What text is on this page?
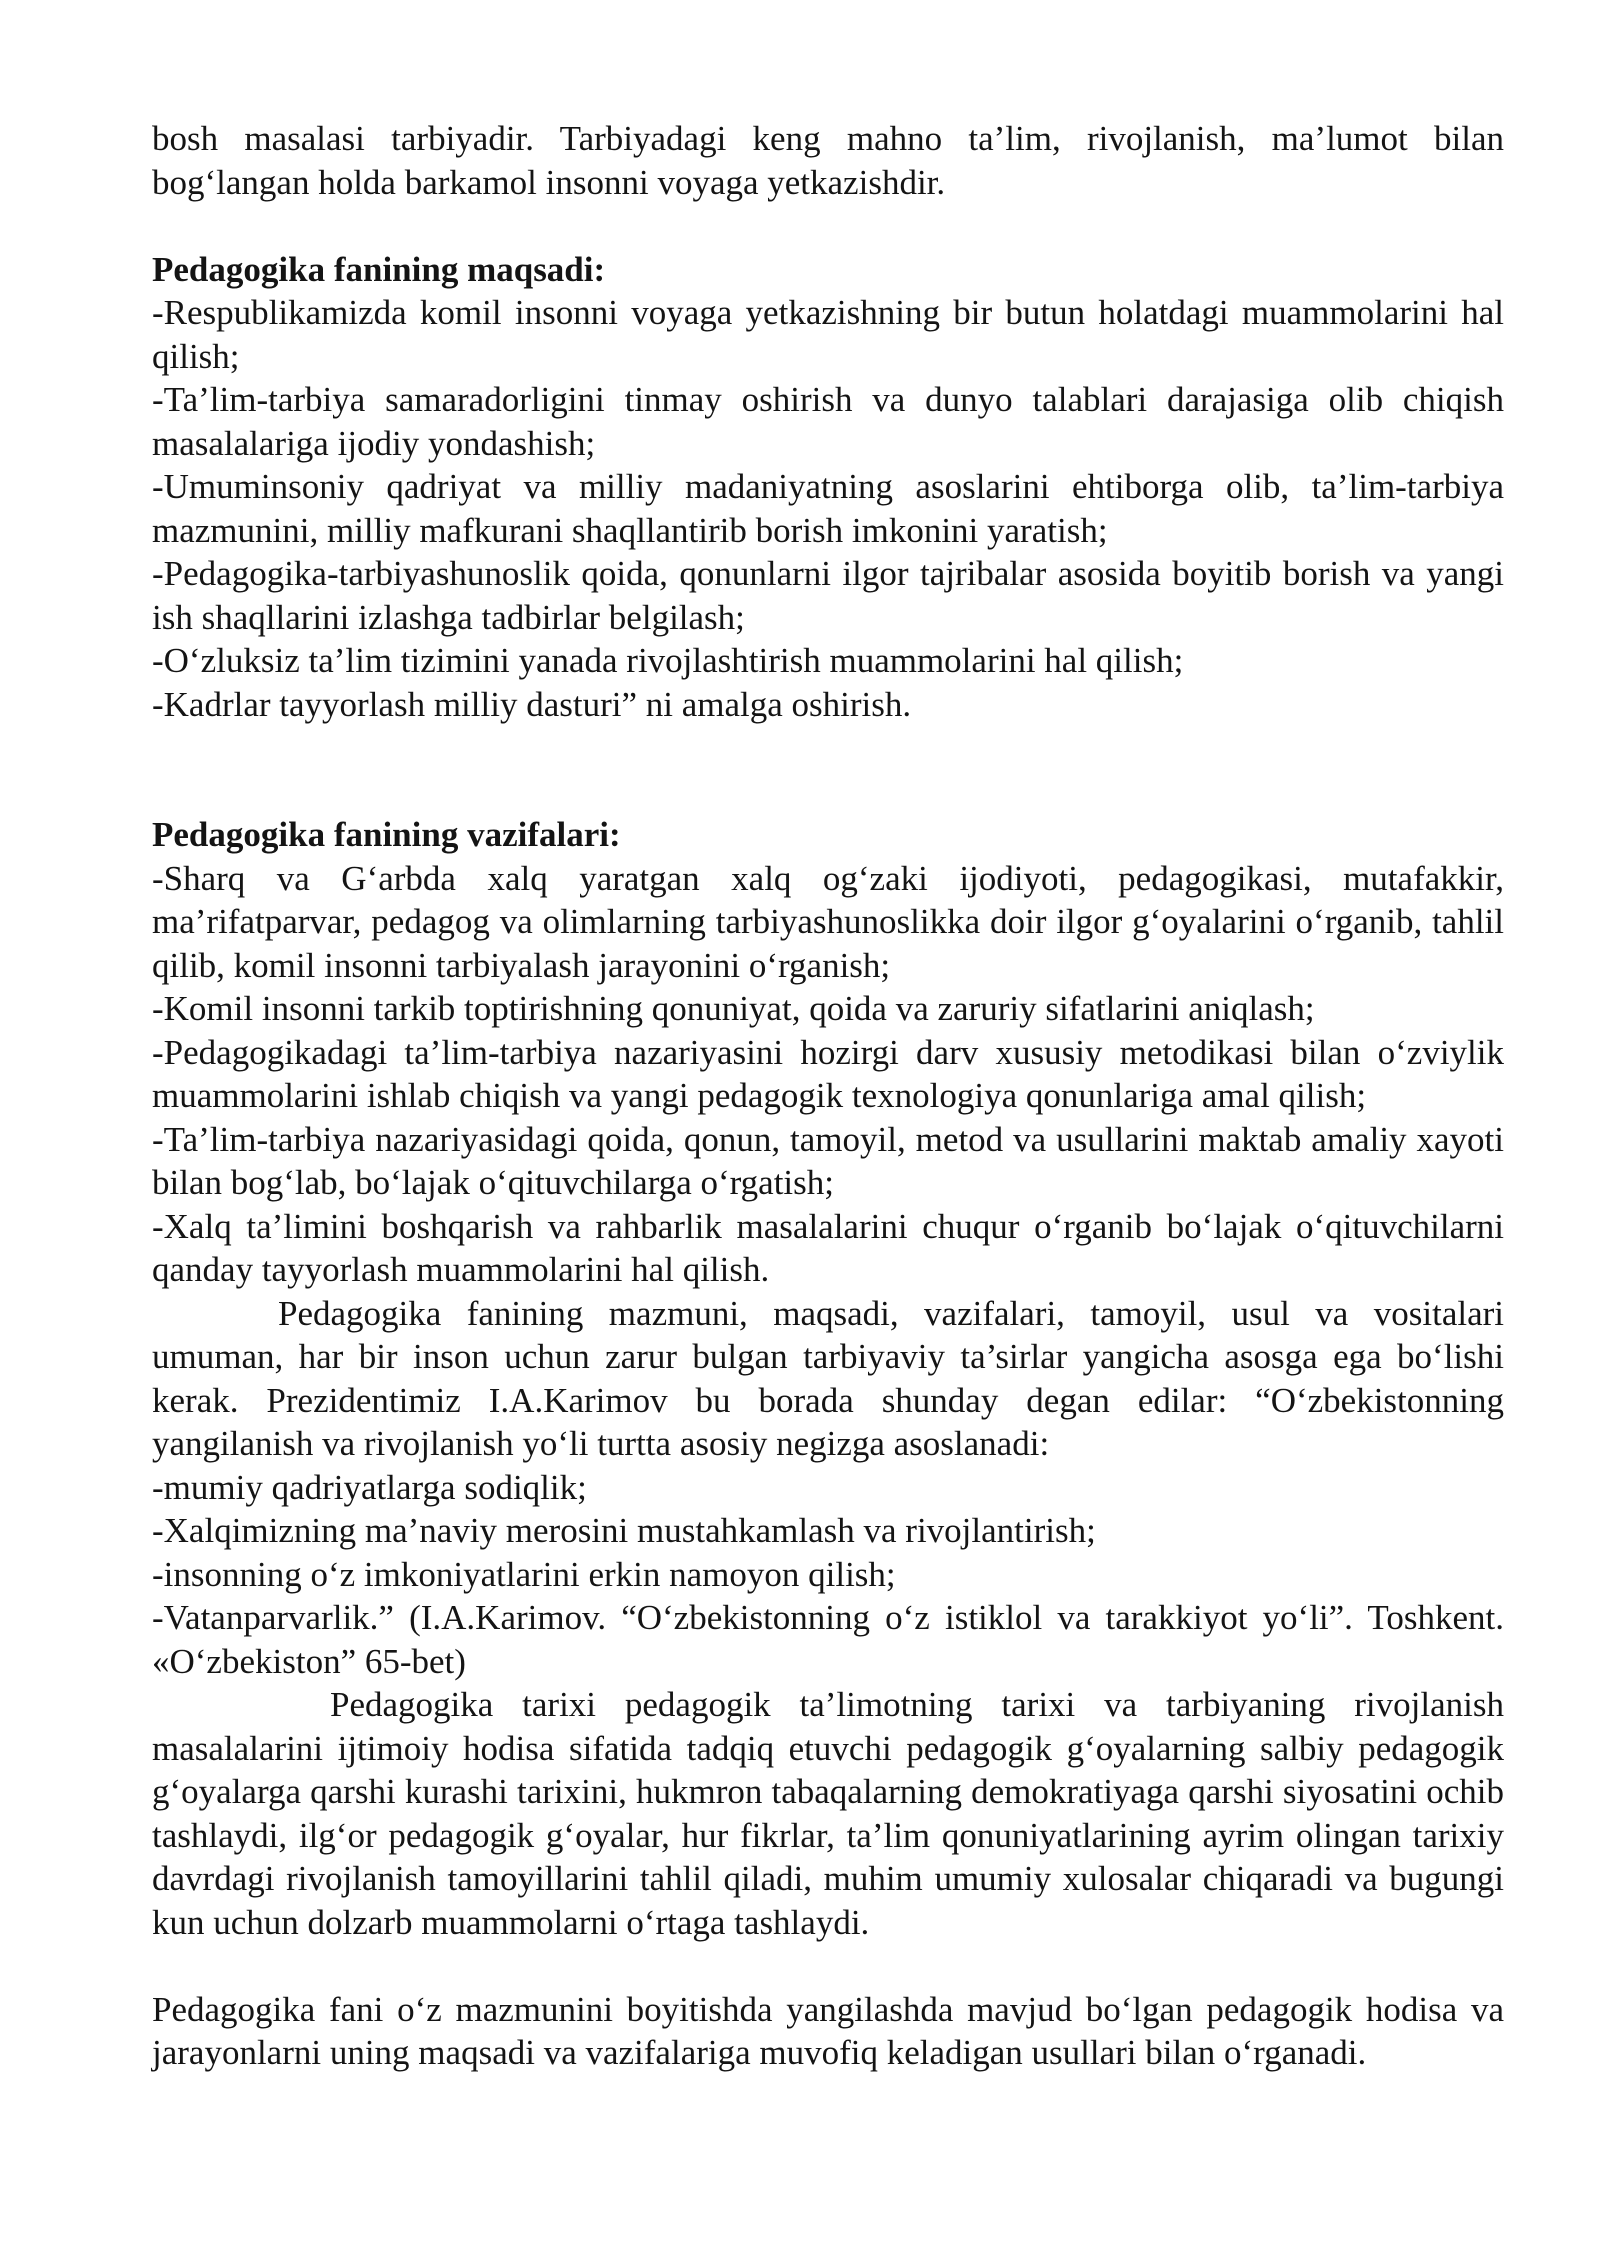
bosh masalasi tarbiyadir. Tarbiyadagi keng mahno ta’lim, rivojlanish, ma’lumot bilan bog‘langan holda barkamol insonni voyaga yetkazishdir.

Pedagogika fanining maqsadi:

-Respublikamizda komil insonni voyaga yetkazishning bir butun holatdagi muammolarini hal qilish;

-Ta’lim-tarbiya samaradorligini tinmay oshirish va dunyo talablari darajasiga olib chiqish masalalariga ijodiy yondashish;

-Umuminsoniy qadriyat va milliy madaniyatning asoslarini ehtiborga olib, ta’lim-tarbiya mazmunini, milliy mafkurani shaqllantirib borish imkonini yaratish;

-Pedagogika-tarbiyashunoslik qoida, qonunlarni ilgor tajribalar asosida boyitib borish va yangi ish shaqllarini izlashga tadbirlar belgilash;

-O‘zluksiz ta’lim tizimini yanada rivojlashtirish muammolarini hal qilish;

-Kadrlar tayyorlash milliy dasturi” ni amalga oshirish.

Pedagogika fanining vazifalari:

-Sharq va G‘arbda xalq yaratgan xalq og‘zaki ijodiyoti, pedagogikasi, mutafakkir, ma’rifatparvar, pedagog va olimlarning tarbiyashunoslikka doir ilgor g‘oyalarini o‘rganib, tahlil qilib, komil insonni tarbiyalash jarayonini o‘rganish;

-Komil insonni tarkib toptirishning qonuniyat, qoida va zaruriy sifatlarini aniqlash;

-Pedagogikadagi ta’lim-tarbiya nazariyasini hozirgi darv xususiy metodikasi bilan o‘zviylik muammolarini ishlab chiqish va yangi pedagogik texnologiya qonunlariga amal qilish;

-Ta’lim-tarbiya nazariyasidagi qoida, qonun, tamoyil, metod va usullarini maktab amaliy xayoti bilan bog‘lab, bo‘lajak o‘qituvchilarga o‘rgatish;

-Xalq ta’limini boshqarish va rahbarlik masalalarini chuqur o‘rganib bo‘lajak o‘qituvchilarni qanday tayyorlash muammolarini hal qilish.

Pedagogika fanining mazmuni, maqsadi, vazifalari, tamoyil, usul va vositalari umuman, har bir inson uchun zarur bulgan tarbiyaviy ta’sirlar yangicha asosga ega bo‘lishi kerak. Prezidentimiz I.A.Karimov bu borada shunday degan edilar: “O‘zbekistonning yangilanish va rivojlanish yo‘li turtta asosiy negizga asoslanadi:

-mumiy qadriyatlarga sodiqlik;

-Xalqimizning ma’naviy merosini mustahkamlash va rivojlantirish;

-insonning o‘z imkoniyatlarini erkin namoyon qilish;

-Vatanparvarlik.” (I.A.Karimov. “O‘zbekistonning o‘z istiklol va tarakkiyot yo‘li”. Toshkent. «O‘zbekiston” 65-bet)

Pedagogika tarixi pedagogik ta’limotning tarixi va tarbiyaning rivojlanish masalalarini ijtimoiy hodisa sifatida tadqiq etuvchi pedagogik g‘oyalarning salbiy pedagogik g‘oyalarga qarshi kurashi tarixini, hukmron tabaqalarning demokratiyaga qarshi siyosatini ochib tashlaydi, ilg‘or pedagogik g‘oyalar, hur fikrlar, ta’lim qonuniyatlarining ayrim olingan tarixiy davrdagi rivojlanish tamoyillarini tahlil qiladi, muhim umumiy xulosalar chiqaradi va bugungi kun uchun dolzarb muammolarni o‘rtaga tashlaydi.

Pedagogika fani o‘z mazmunini boyitishda yangilashda mavjud bo‘lgan pedagogik hodisa va jarayonlarni uning maqsadi va vazifalariga muvofiq keladigan usullari bilan o‘rganadi.
